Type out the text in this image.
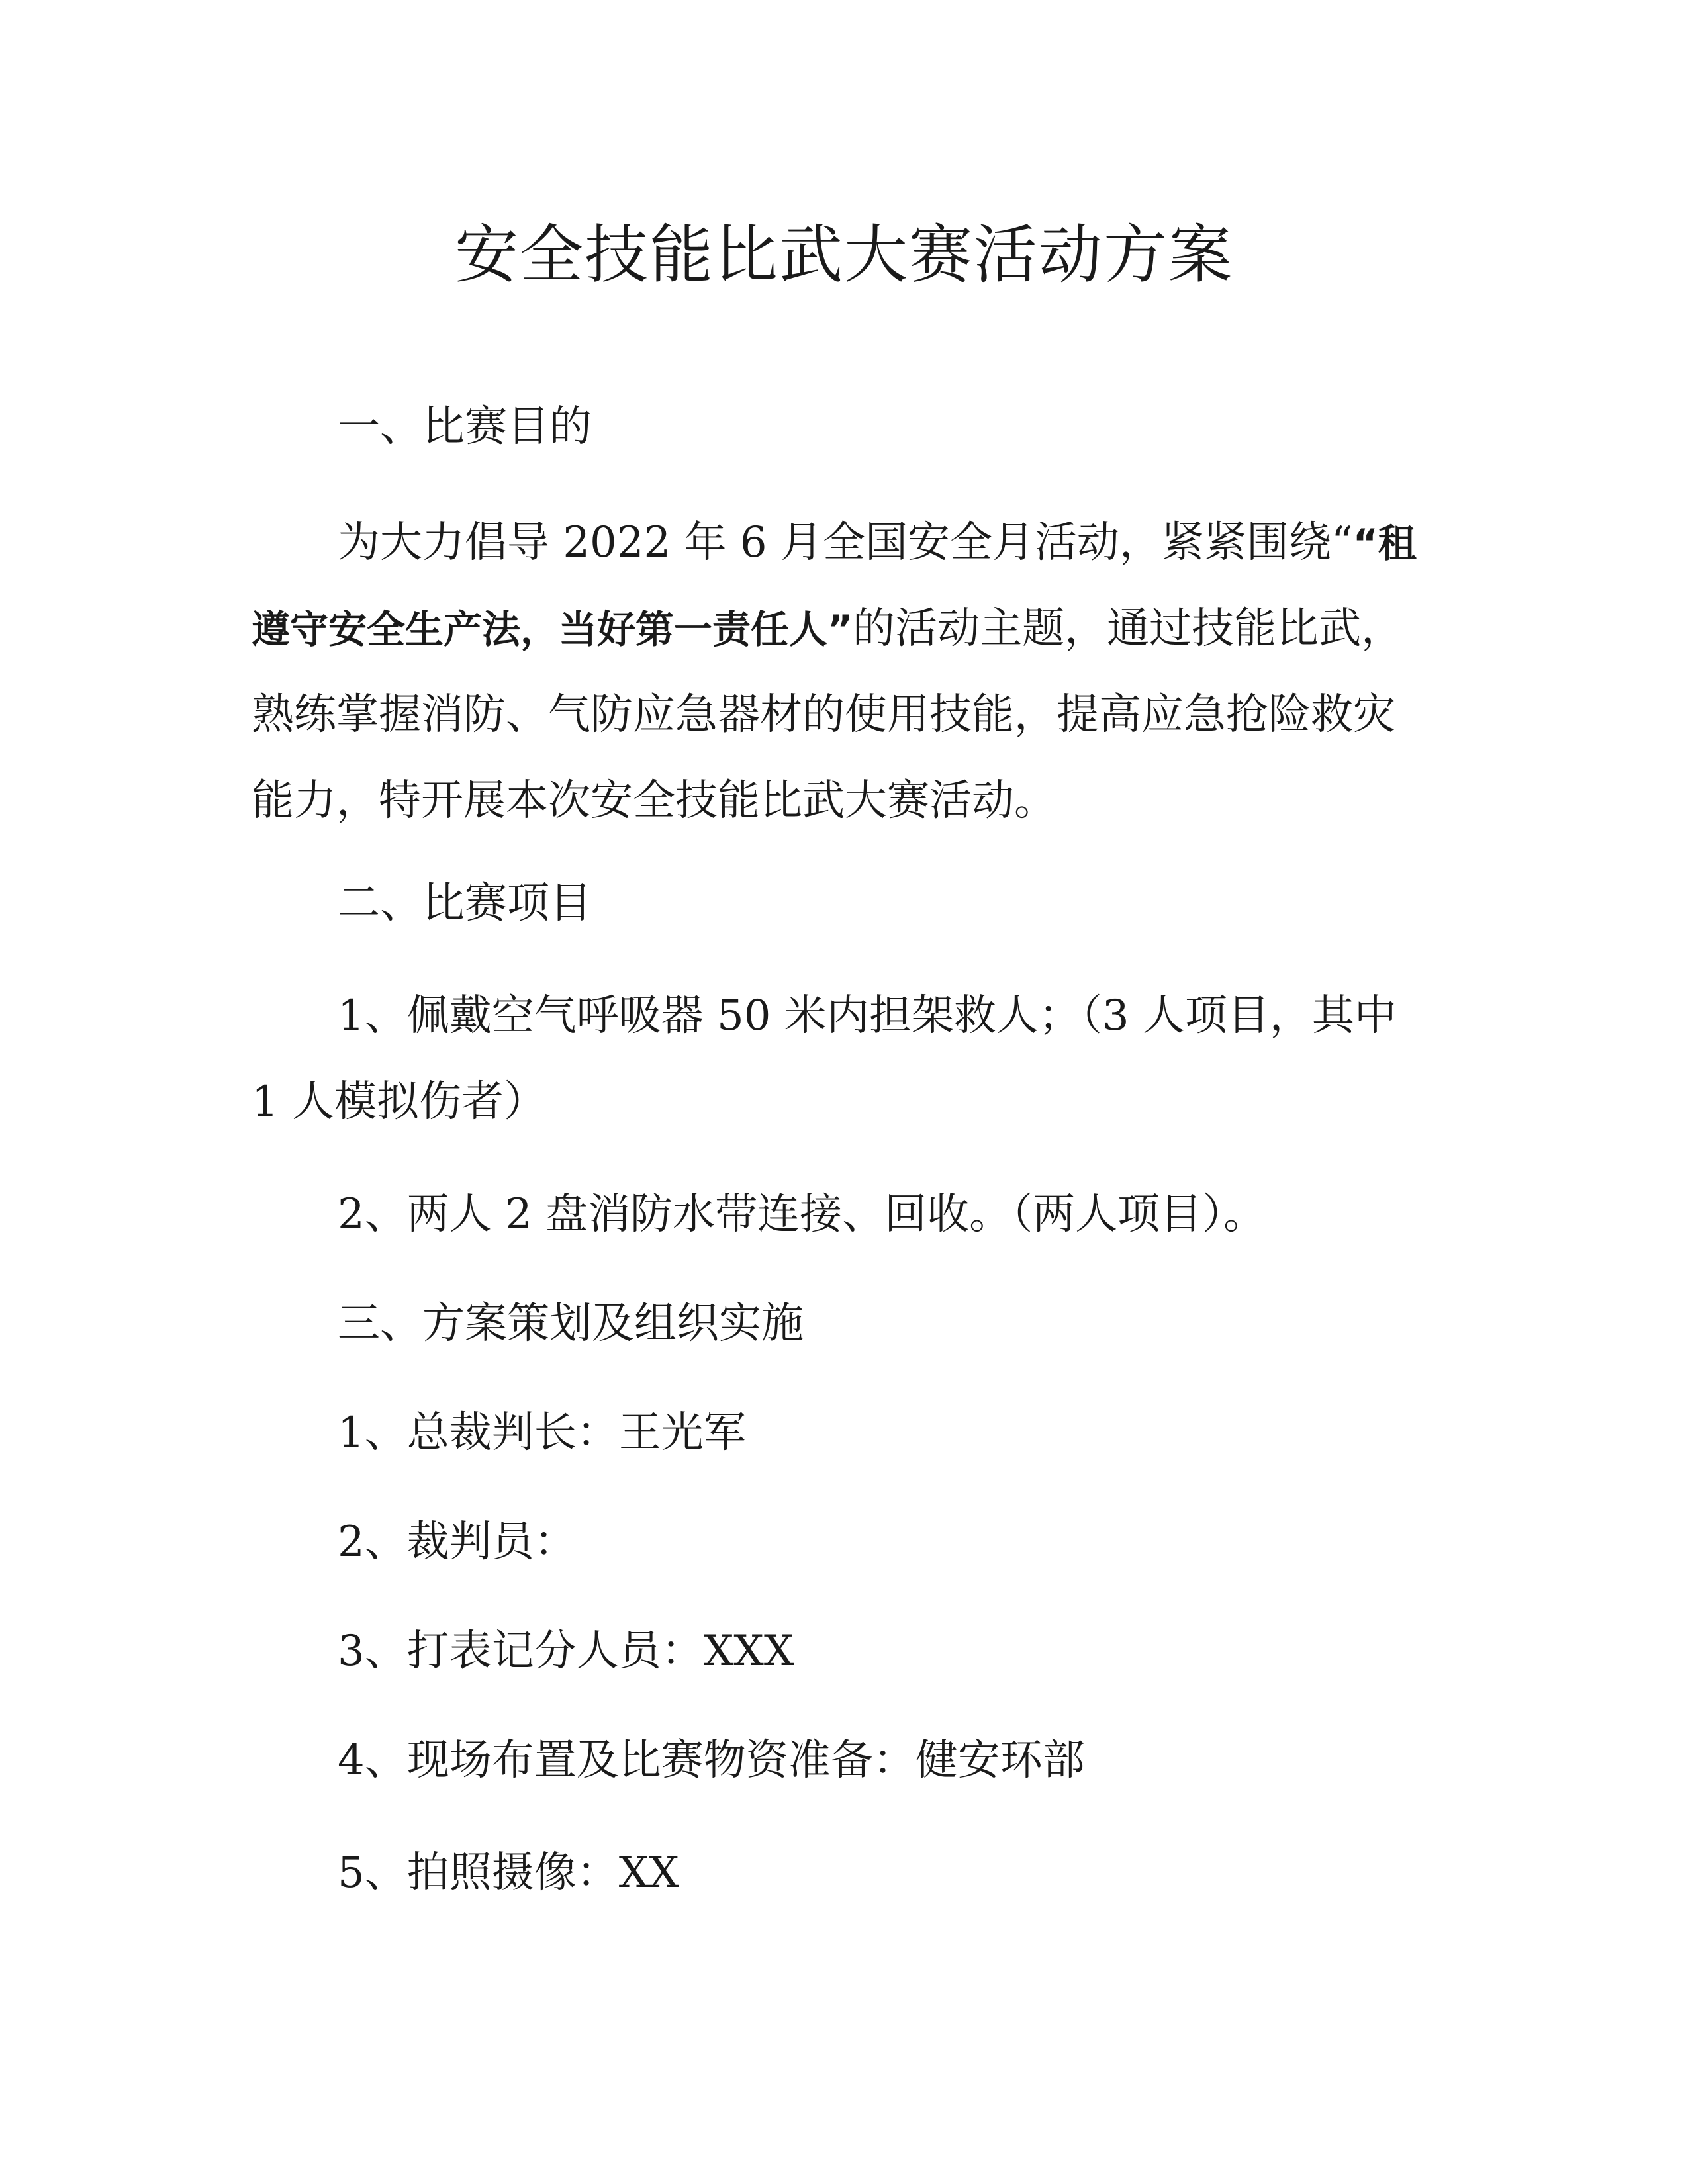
安全技能比武大赛活动方案

一、比赛目的

为大力倡导 2022 年 6 月全国安全月活动，紧紧围绕““租

遵守安全生产法，当好第一责任人”的活动主题，通过技能比武，

熟练掌握消防、气防应急器材的使用技能，提高应急抢险救灾

能力，特开展本次安全技能比武大赛活动。

二、比赛项目

1、佩戴空气呼吸器 50 米内担架救人；（3 人项目，其中

1 人模拟伤者）

2、两人 2 盘消防水带连接、回收。（两人项目）。

三、方案策划及组织实施

1、总裁判长：王光军

2、裁判员：

3、打表记分人员：XXX

4、现场布置及比赛物资准备：健安环部

5、拍照摄像：XX
